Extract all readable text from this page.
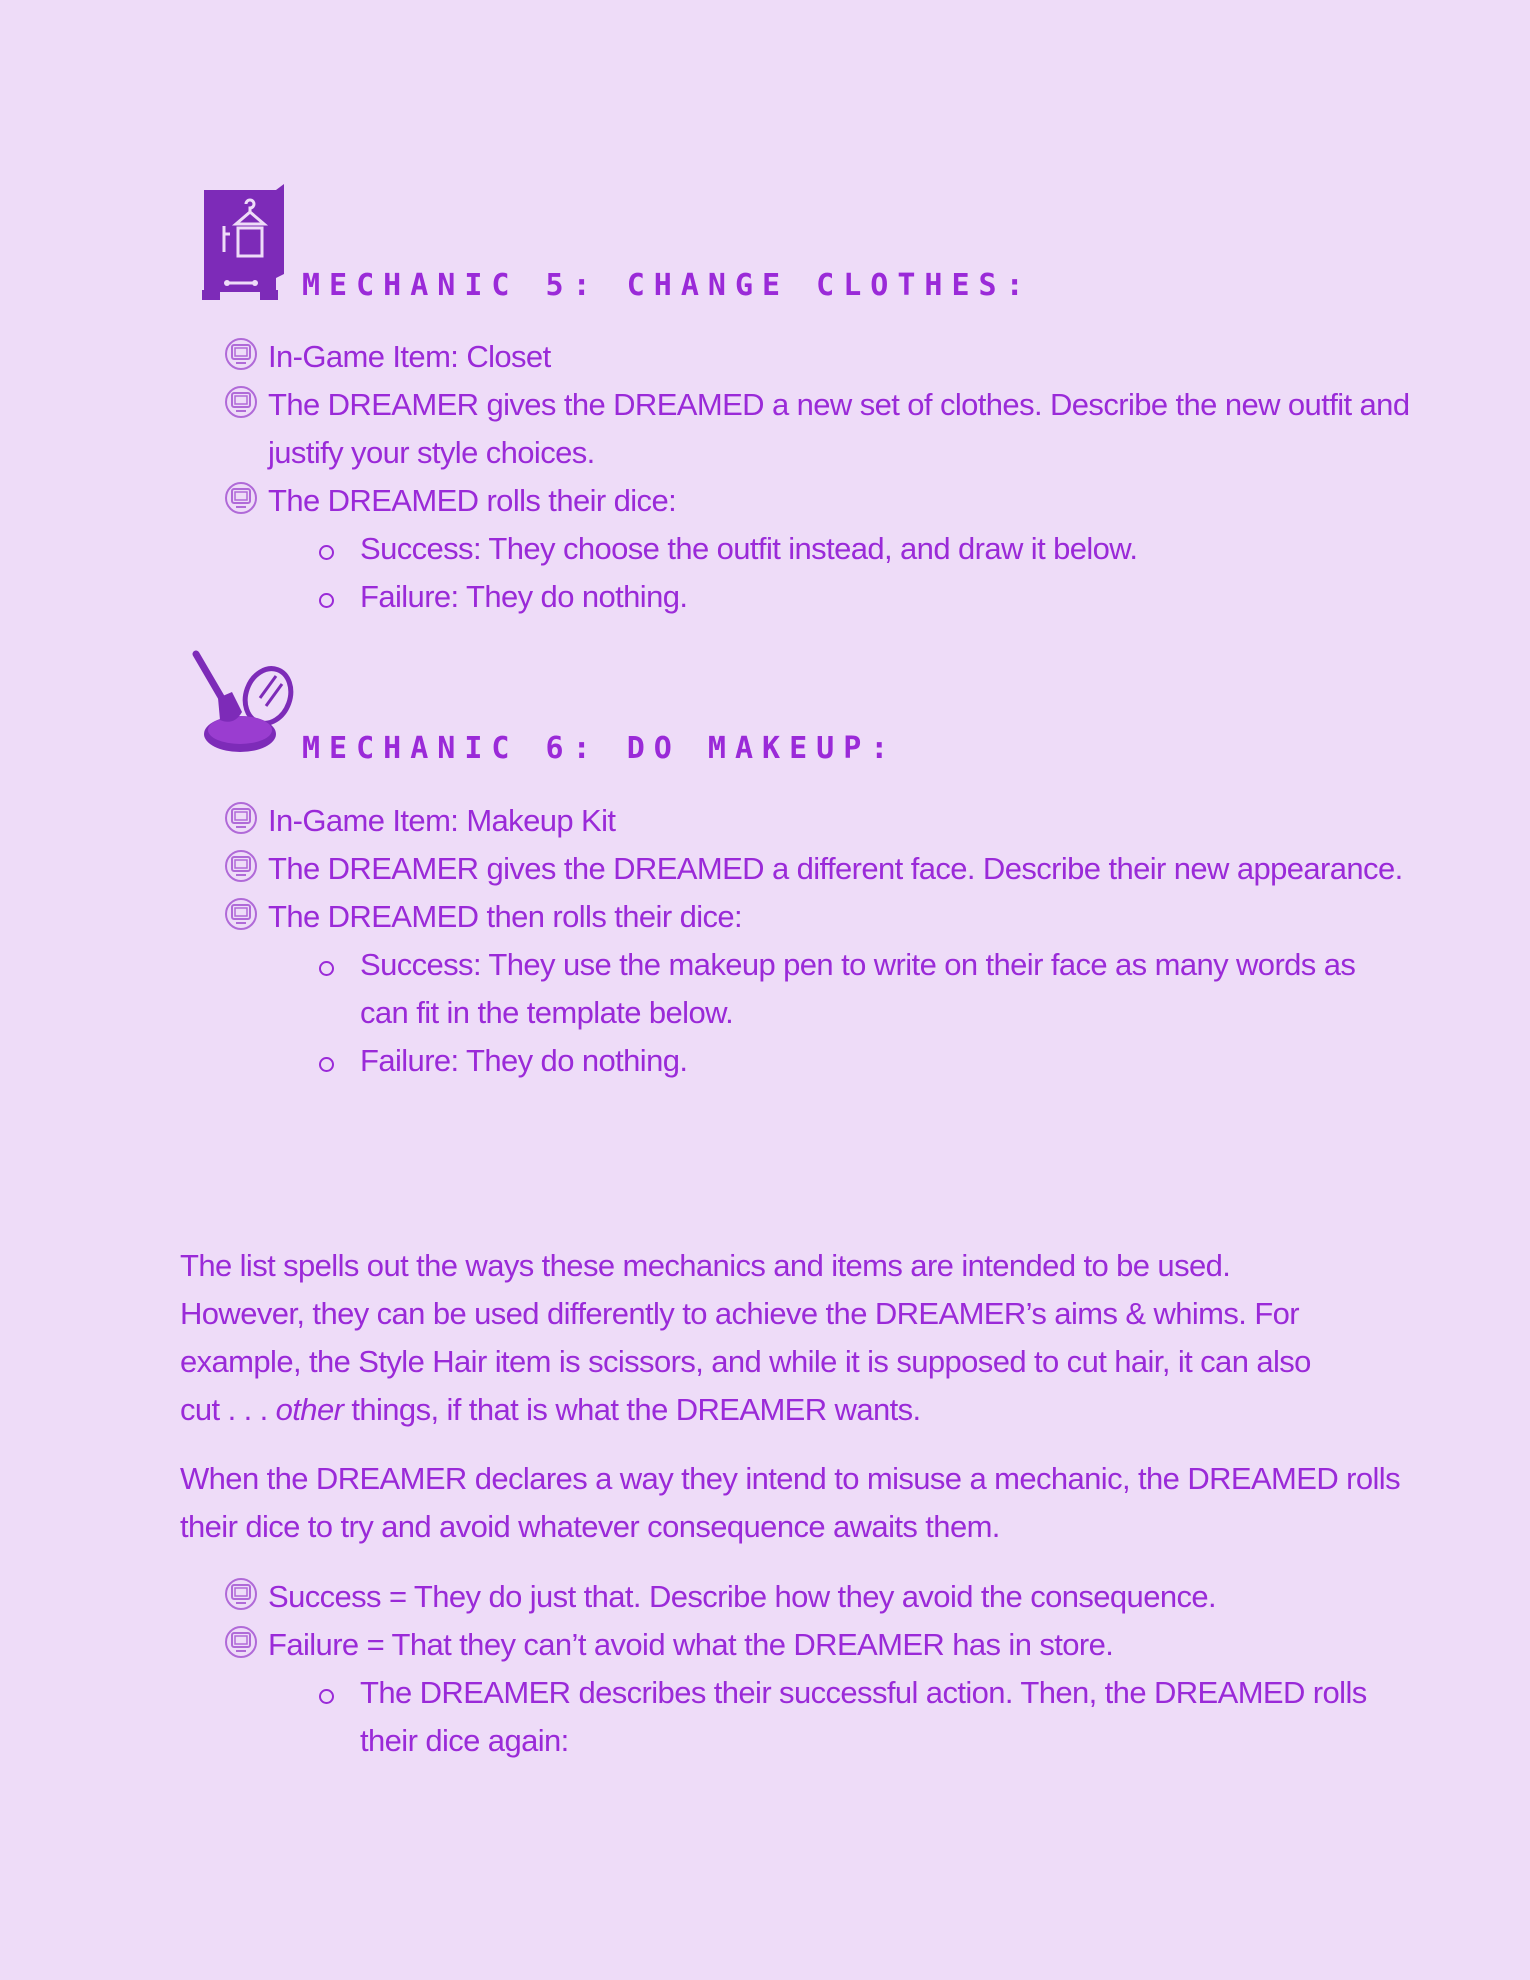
MECHANIC 5: CHANGE CLOTHES:
In-Game Item: Closet
The DREAMER gives the DREAMED a new set of clothes. Describe the new outfit and
justify your style choices.
The DREAMED rolls their dice:
Success: They choose the outfit instead, and draw it below.
Failure: They do nothing.
MECHANIC 6: DO MAKEUP:
In-Game Item: Makeup Kit
The DREAMER gives the DREAMED a different face. Describe their new appearance.
The DREAMED then rolls their dice:
Success: They use the makeup pen to write on their face as many words as
can fit in the template below.
Failure: They do nothing.
The list spells out the ways these mechanics and items are intended to be used.
However, they can be used differently to achieve the DREAMER’s aims & whims. For
example, the Style Hair item is scissors, and while it is supposed to cut hair, it can also
cut . . . other things, if that is what the DREAMER wants.
When the DREAMER declares a way they intend to misuse a mechanic, the DREAMED rolls
their dice to try and avoid whatever consequence awaits them.
Success = They do just that. Describe how they avoid the consequence.
Failure = That they can’t avoid what the DREAMER has in store.
The DREAMER describes their successful action. Then, the DREAMED rolls
their dice again:
